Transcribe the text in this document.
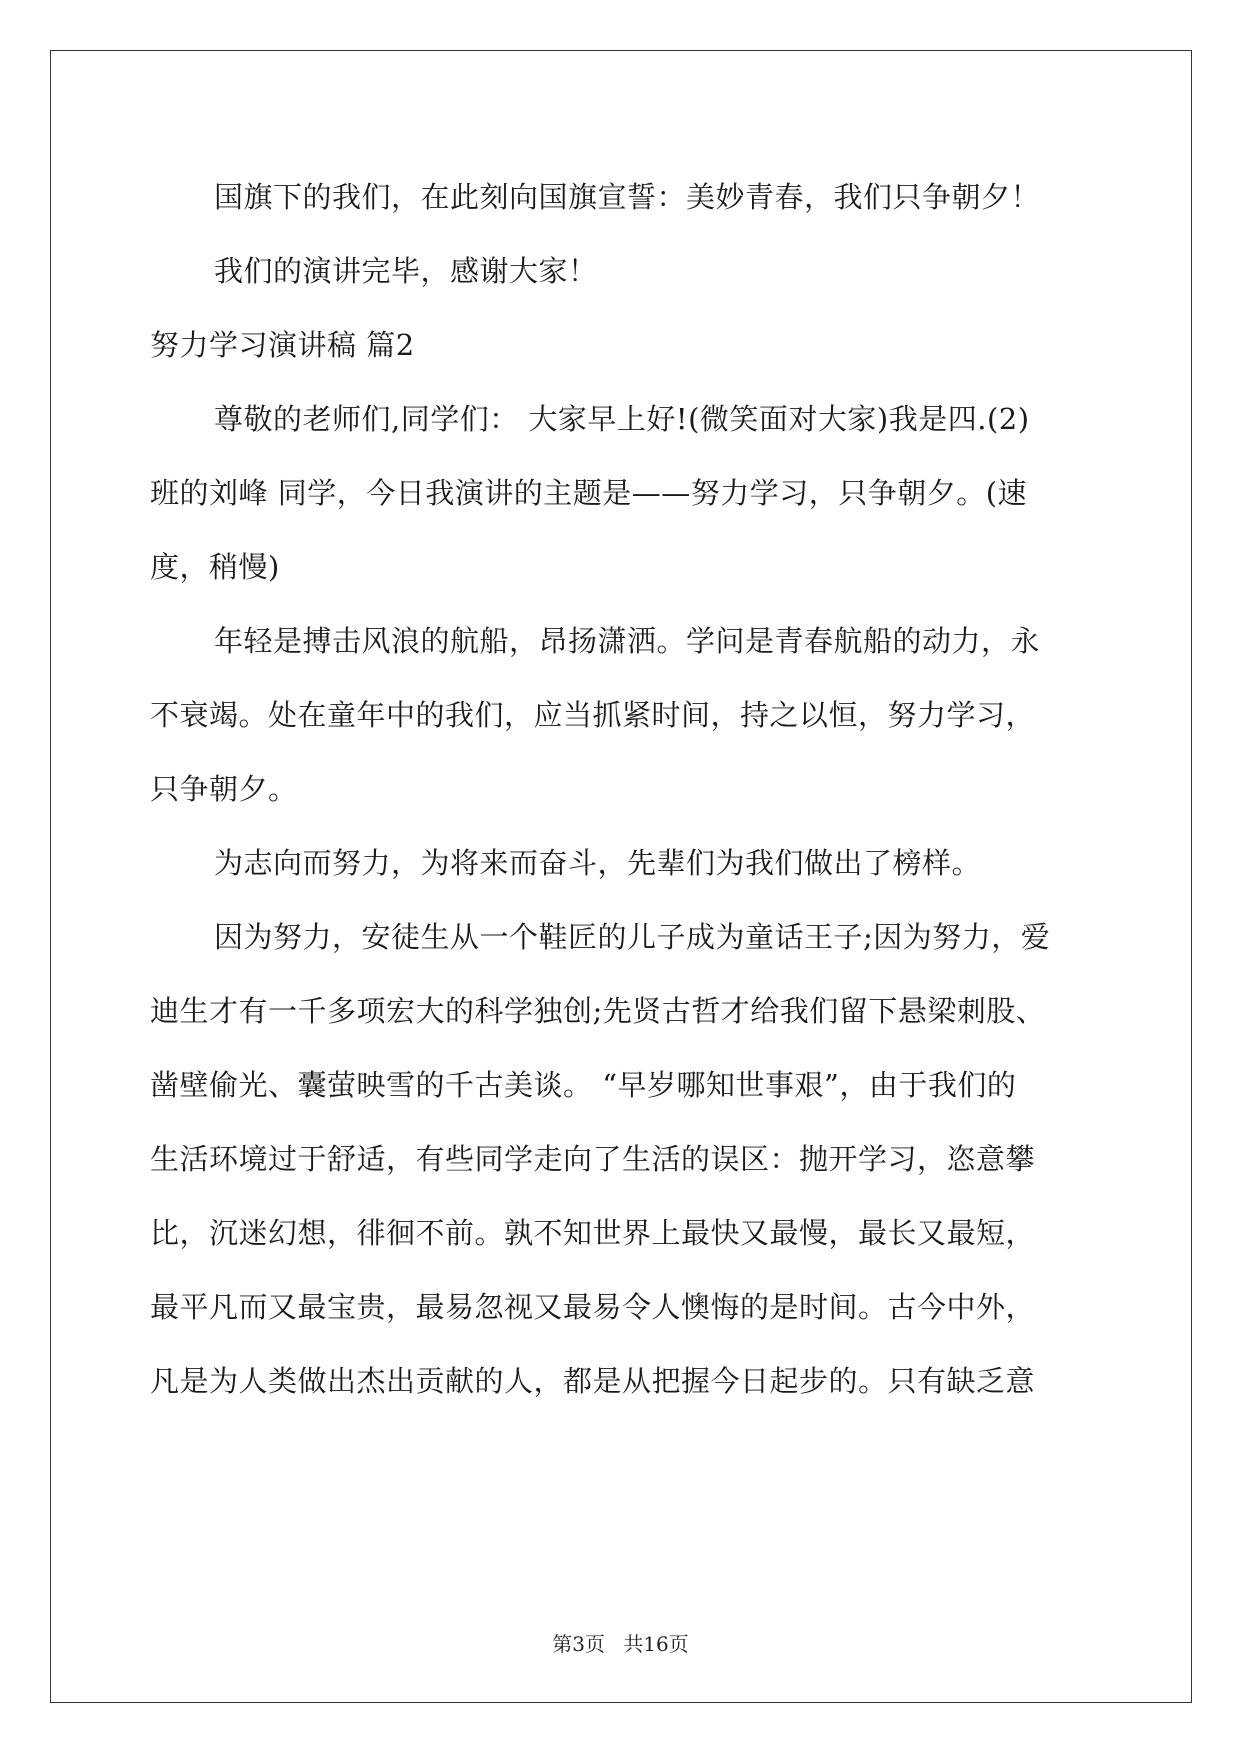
国旗下的我们，在此刻向国旗宣誓：美妙青春，我们只争朝夕！
我们的演讲完毕，感谢大家！
努力学习演讲稿 篇2
尊敬的老师们,同学们： 大家早上好!(微笑面对大家)我是四.(2)
班的刘峰 同学，今日我演讲的主题是——努力学习，只争朝夕。(速
度，稍慢)
年轻是搏击风浪的航船，昂扬潇洒。学问是青春航船的动力，永
不衰竭。处在童年中的我们，应当抓紧时间，持之以恒，努力学习，
只争朝夕。
为志向而努力，为将来而奋斗，先辈们为我们做出了榜样。
因为努力，安徒生从一个鞋匠的儿子成为童话王子;因为努力，爱
迪生才有一千多项宏大的科学独创;先贤古哲才给我们留下悬梁刺股、
凿壁偷光、囊萤映雪的千古美谈。 “早岁哪知世事艰”，由于我们的
生活环境过于舒适，有些同学走向了生活的误区：抛开学习，恣意攀
比，沉迷幻想，徘徊不前。孰不知世界上最快又最慢，最长又最短，
最平凡而又最宝贵，最易忽视又最易令人懊悔的是时间。古今中外，
凡是为人类做出杰出贡献的人，都是从把握今日起步的。只有缺乏意
第3页 共16页
